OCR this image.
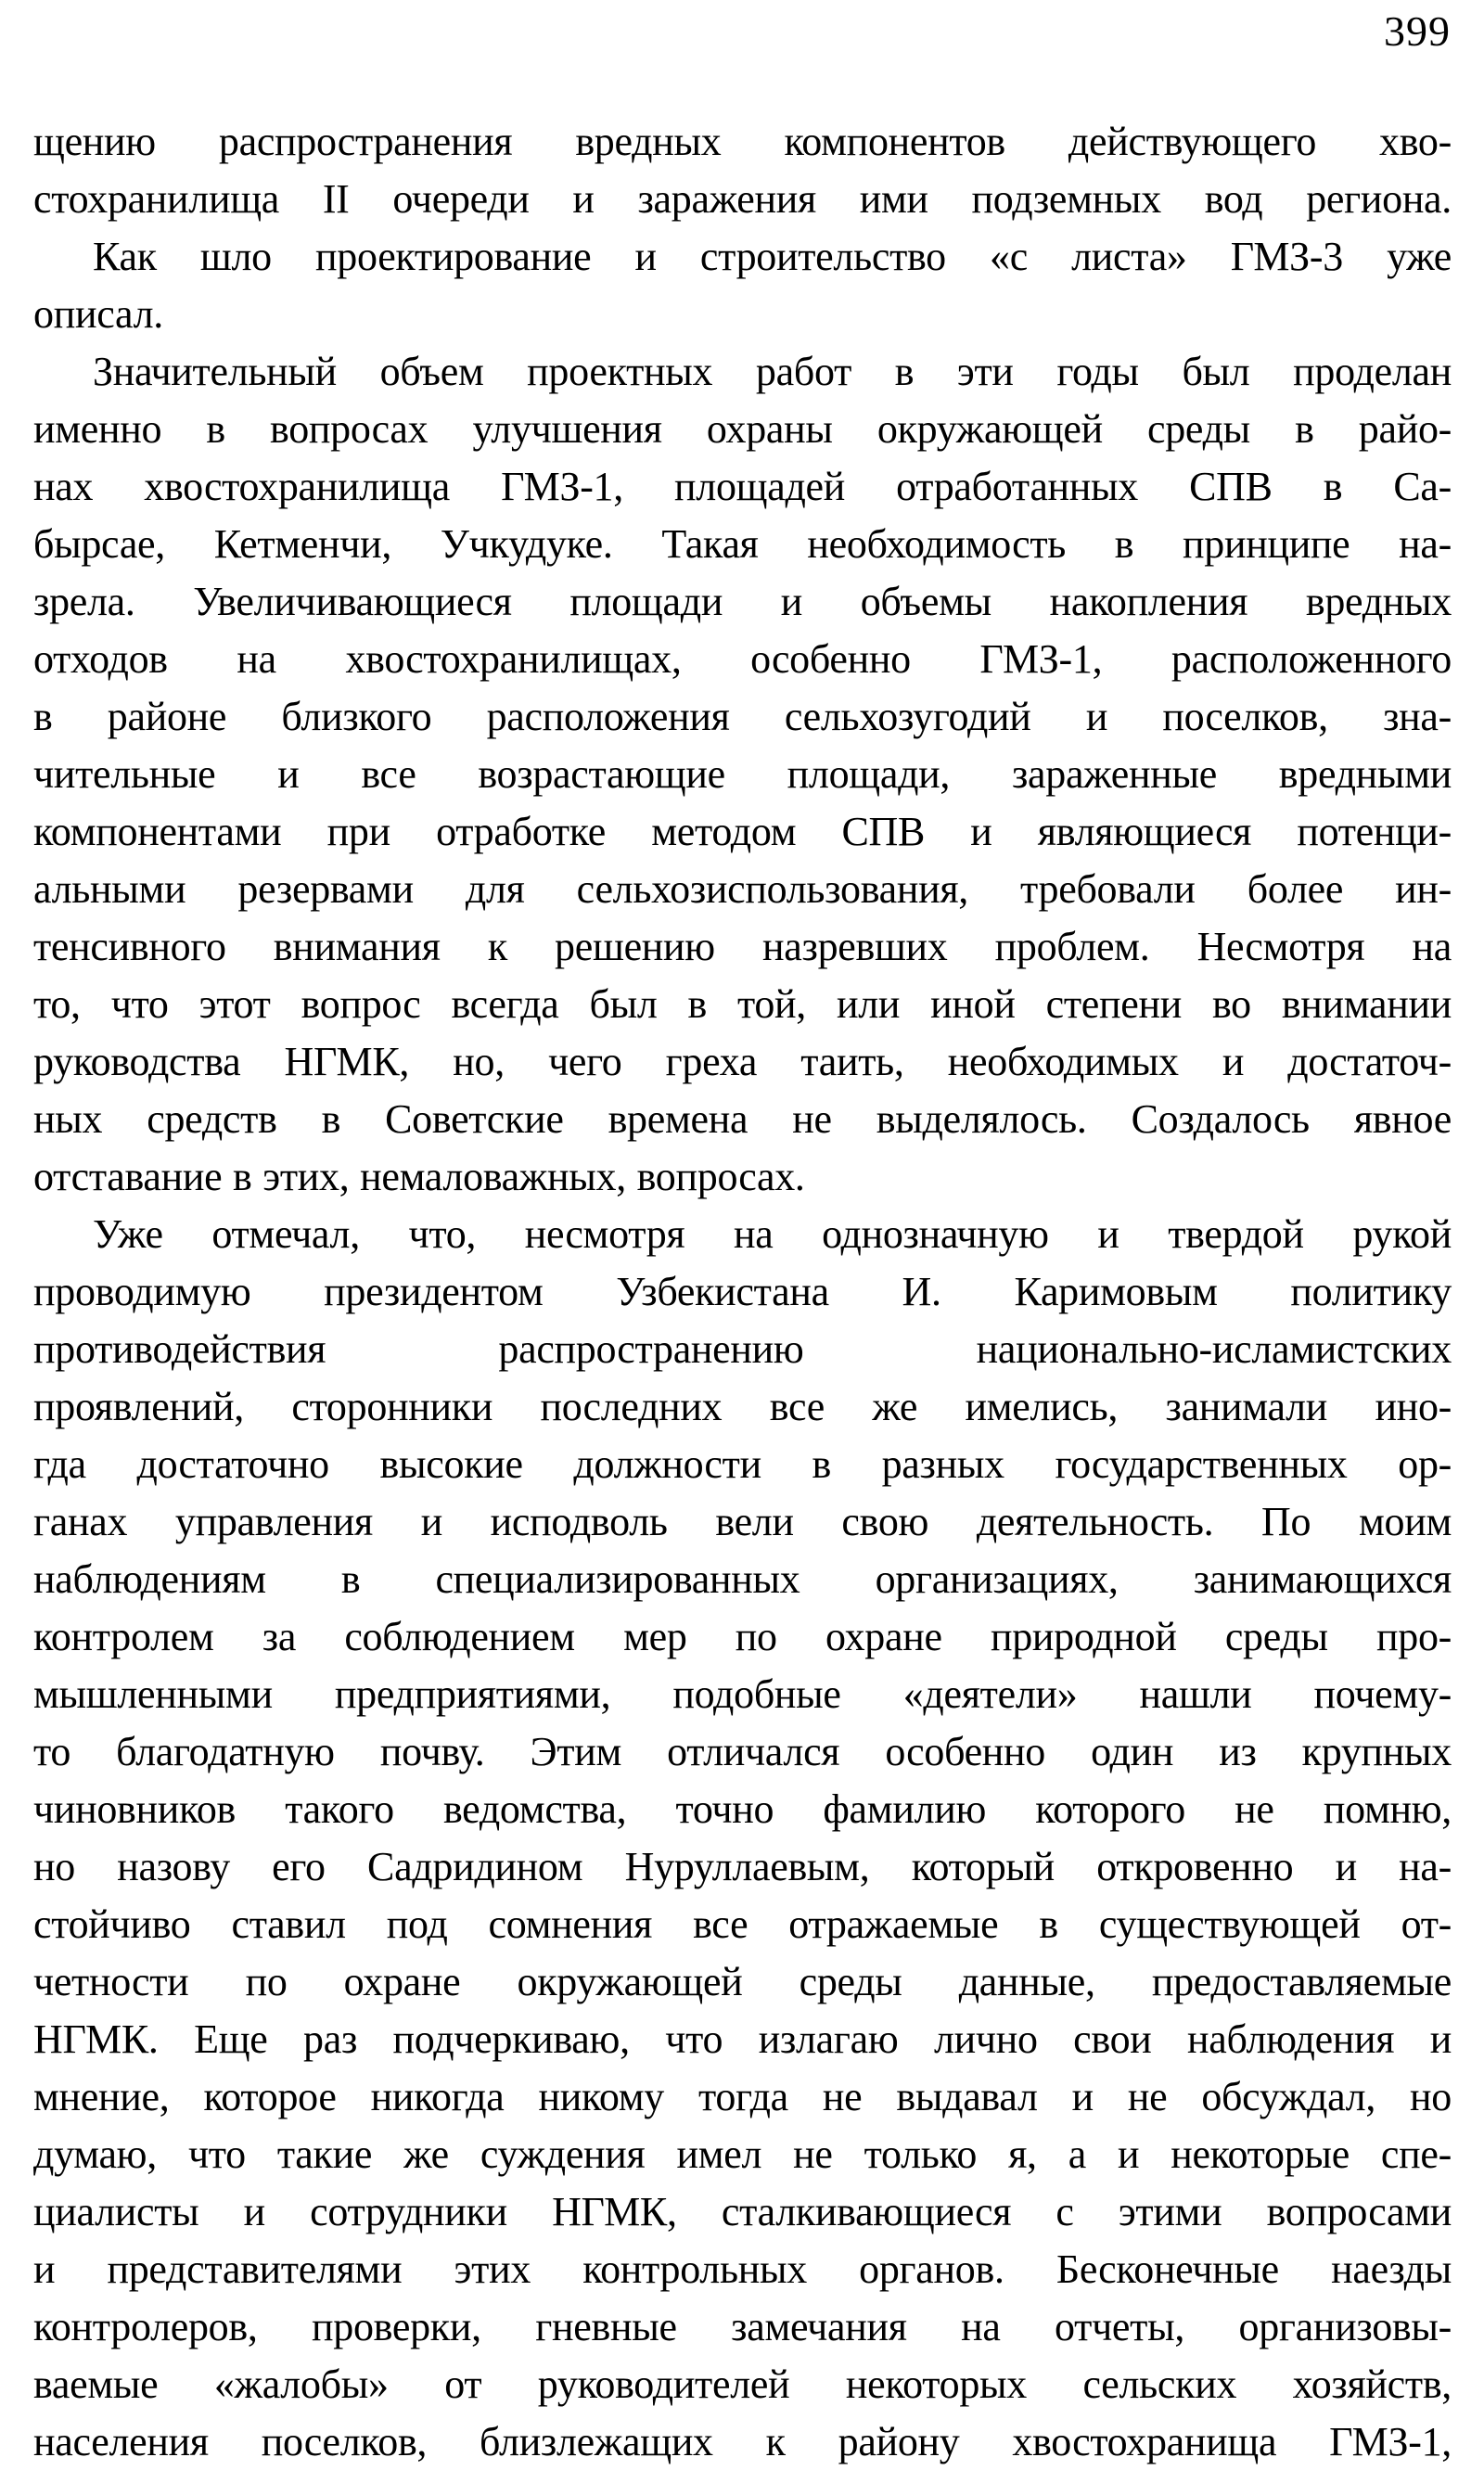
399
щению распространения вредных компонентов действующего хво-
стохранилища II очереди и заражения ими подземных вод региона.
Как шло проектирование и строительство «с листа» ГМЗ-3 уже
описал.
Значительный объем проектных работ в эти годы был проделан
именно в вопросах улучшения охраны окружающей среды в райо-
нах хвостохранилища ГМЗ-1, площадей отработанных СПВ в Са-
бырсае, Кетменчи, Учкудуке. Такая необходимость в принципе на-
зрела. Увеличивающиеся площади и объемы накопления вредных
отходов на хвостохранилищах, особенно ГМЗ-1, расположенного
в районе близкого расположения сельхозугодий и поселков, зна-
чительные и все возрастающие площади, зараженные вредными
компонентами при отработке методом СПВ и являющиеся потенци-
альными резервами для сельхозиспользования, требовали более ин-
тенсивного внимания к решению назревших проблем. Несмотря на
то, что этот вопрос всегда был в той, или иной степени во внимании
руководства НГМК, но, чего греха таить, необходимых и достаточ-
ных средств в Советские времена не выделялось. Создалось явное
отставание в этих, немаловажных, вопросах.
Уже отмечал, что, несмотря на однозначную и твердой рукой
проводимую президентом Узбекистана И. Каримовым политику
противодействия распространению национально-исламистских
проявлений, сторонники последних все же имелись, занимали ино-
гда достаточно высокие должности в разных государственных ор-
ганах управления и исподволь вели свою деятельность. По моим
наблюдениям в специализированных организациях, занимающихся
контролем за соблюдением мер по охране природной среды про-
мышленными предприятиями, подобные «деятели» нашли почему-
то благодатную почву. Этим отличался особенно один из крупных
чиновников такого ведомства, точно фамилию которого не помню,
но назову его Садридином Нуруллаевым, который откровенно и на-
стойчиво ставил под сомнения все отражаемые в существующей от-
четности по охране окружающей среды данные, предоставляемые
НГМК. Еще раз подчеркиваю, что излагаю лично свои наблюдения и
мнение, которое никогда никому тогда не выдавал и не обсуждал, но
думаю, что такие же суждения имел не только я, а и некоторые спе-
циалисты и сотрудники НГМК, сталкивающиеся с этими вопросами
и представителями этих контрольных органов. Бесконечные наезды
контролеров, проверки, гневные замечания на отчеты, организовы-
ваемые «жалобы» от руководителей некоторых сельских хозяйств,
населения поселков, близлежащих к району хвостохранища ГМЗ-1,
